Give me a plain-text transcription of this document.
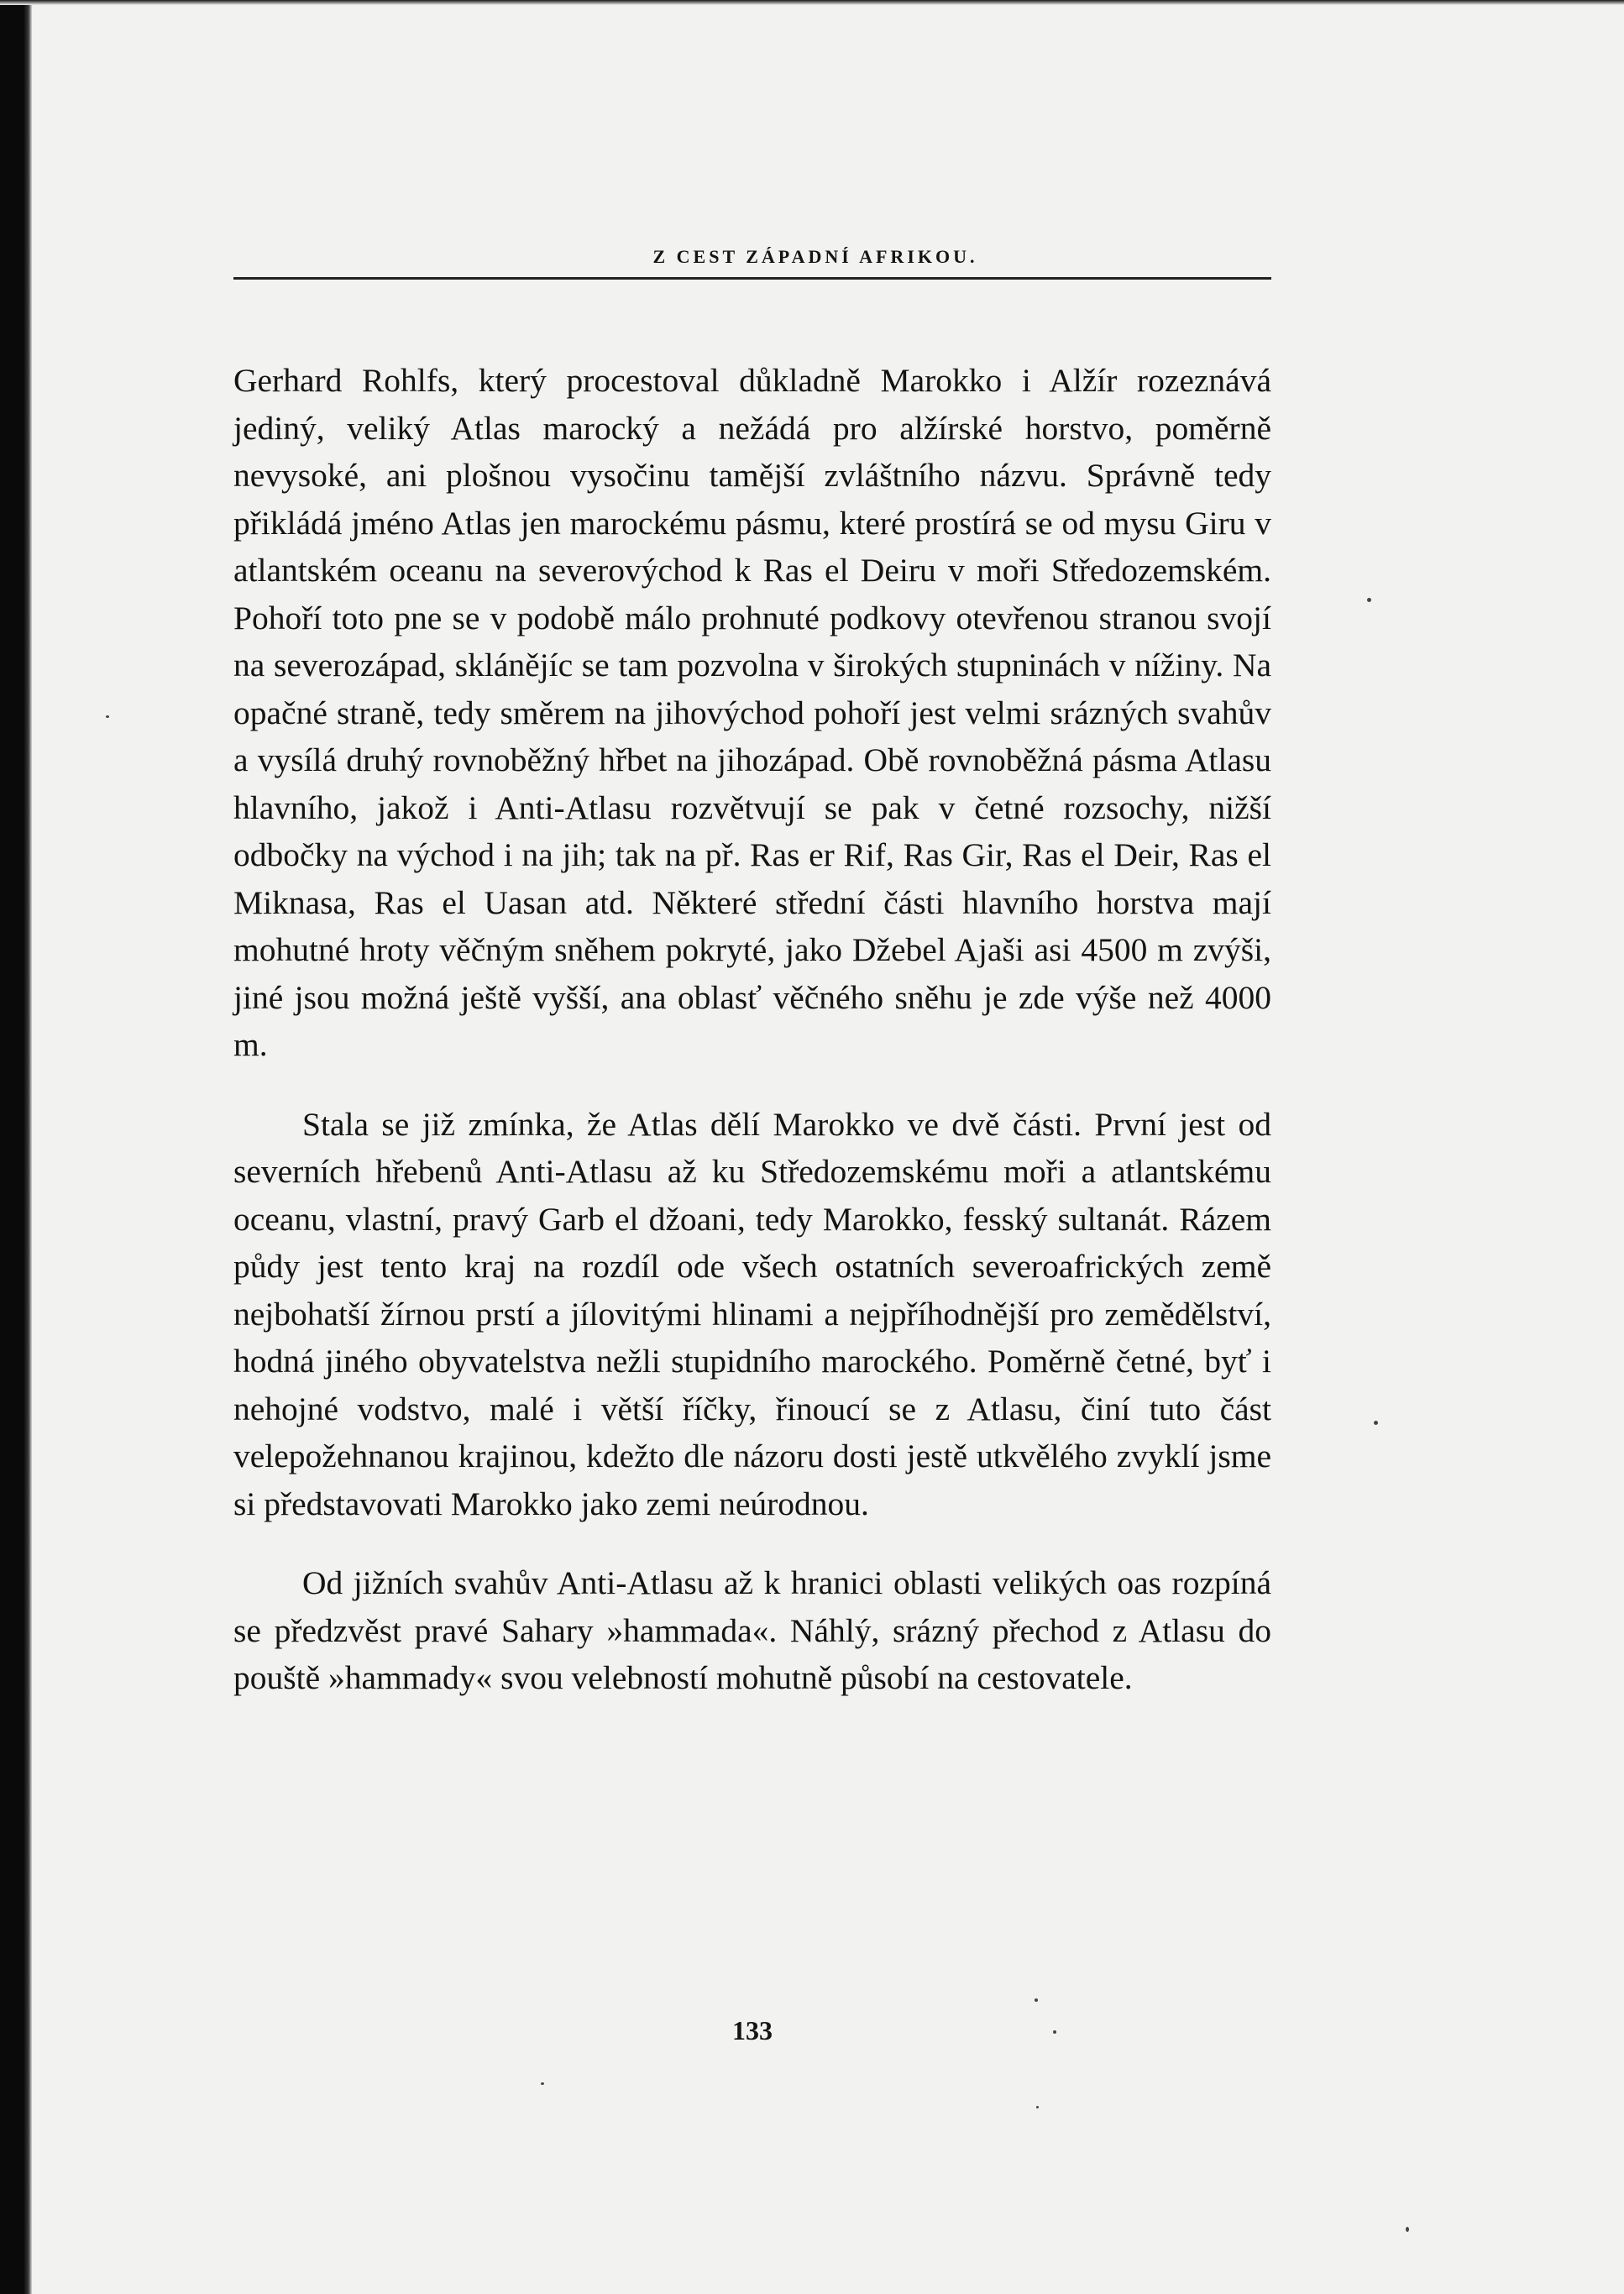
Z CEST ZÁPADNÍ AFRIKOU.

Gerhard Rohlfs, který procestoval důkladně Marokko i Alžír rozeznává jediný, veliký Atlas marocký a nežádá pro alžírské horstvo, poměrně nevysoké, ani plošnou vysočinu tamější zvláštního názvu. Správně tedy přikládá jméno Atlas jen marockému pásmu, které prostírá se od mysu Giru v atlantském oceanu na severovýchod k Ras el Deiru v moři Středozemském. Pohoří toto pne se v podobě málo prohnuté podkovy otevřenou stranou svojí na severozápad, sklánějíc se tam pozvolna v širokých stupninách v nížiny. Na opačné straně, tedy směrem na jihovýchod pohoří jest velmi srázných svahův a vysílá druhý rovnoběžný hřbet na jihozápad. Obě rovnoběžná pásma Atlasu hlavního, jakož i Anti-Atlasu rozvětvují se pak v četné rozsochy, nižší odbočky na východ i na jih; tak na př. Ras er Rif, Ras Gir, Ras el Deir, Ras el Miknasa, Ras el Uasan atd. Některé střední části hlavního horstva mají mohutné hroty věčným sněhem pokryté, jako Džebel Ajaši asi 4500 m zvýši, jiné jsou možná ještě vyšší, ana oblasť věčného sněhu je zde výše než 4000 m.

Stala se již zmínka, že Atlas dělí Marokko ve dvě části. První jest od severních hřebenů Anti-Atlasu až ku Středozemskému moři a atlantskému oceanu, vlastní, pravý Garb el džoani, tedy Marokko, fesský sultanát. Rázem půdy jest tento kraj na rozdíl ode všech ostatních severoafrických země nejbohatší žírnou prstí a jílovitými hlinami a nejpříhodnější pro zemědělství, hodná jiného obyvatelstva nežli stupidního marockého. Poměrně četné, byť i nehojné vodstvo, malé i větší říčky, řinoucí se z Atlasu, činí tuto část velepožehnanou krajinou, kdežto dle názoru dosti jestě utkvělého zvyklí jsme si představovati Marokko jako zemi neúrodnou.

Od jižních svahův Anti-Atlasu až k hranici oblasti velikých oas rozpíná se předzvěst pravé Sahary »hammada«. Náhlý, srázný přechod z Atlasu do pouště »hammady« svou velebností mohutně působí na cestovatele.

133
